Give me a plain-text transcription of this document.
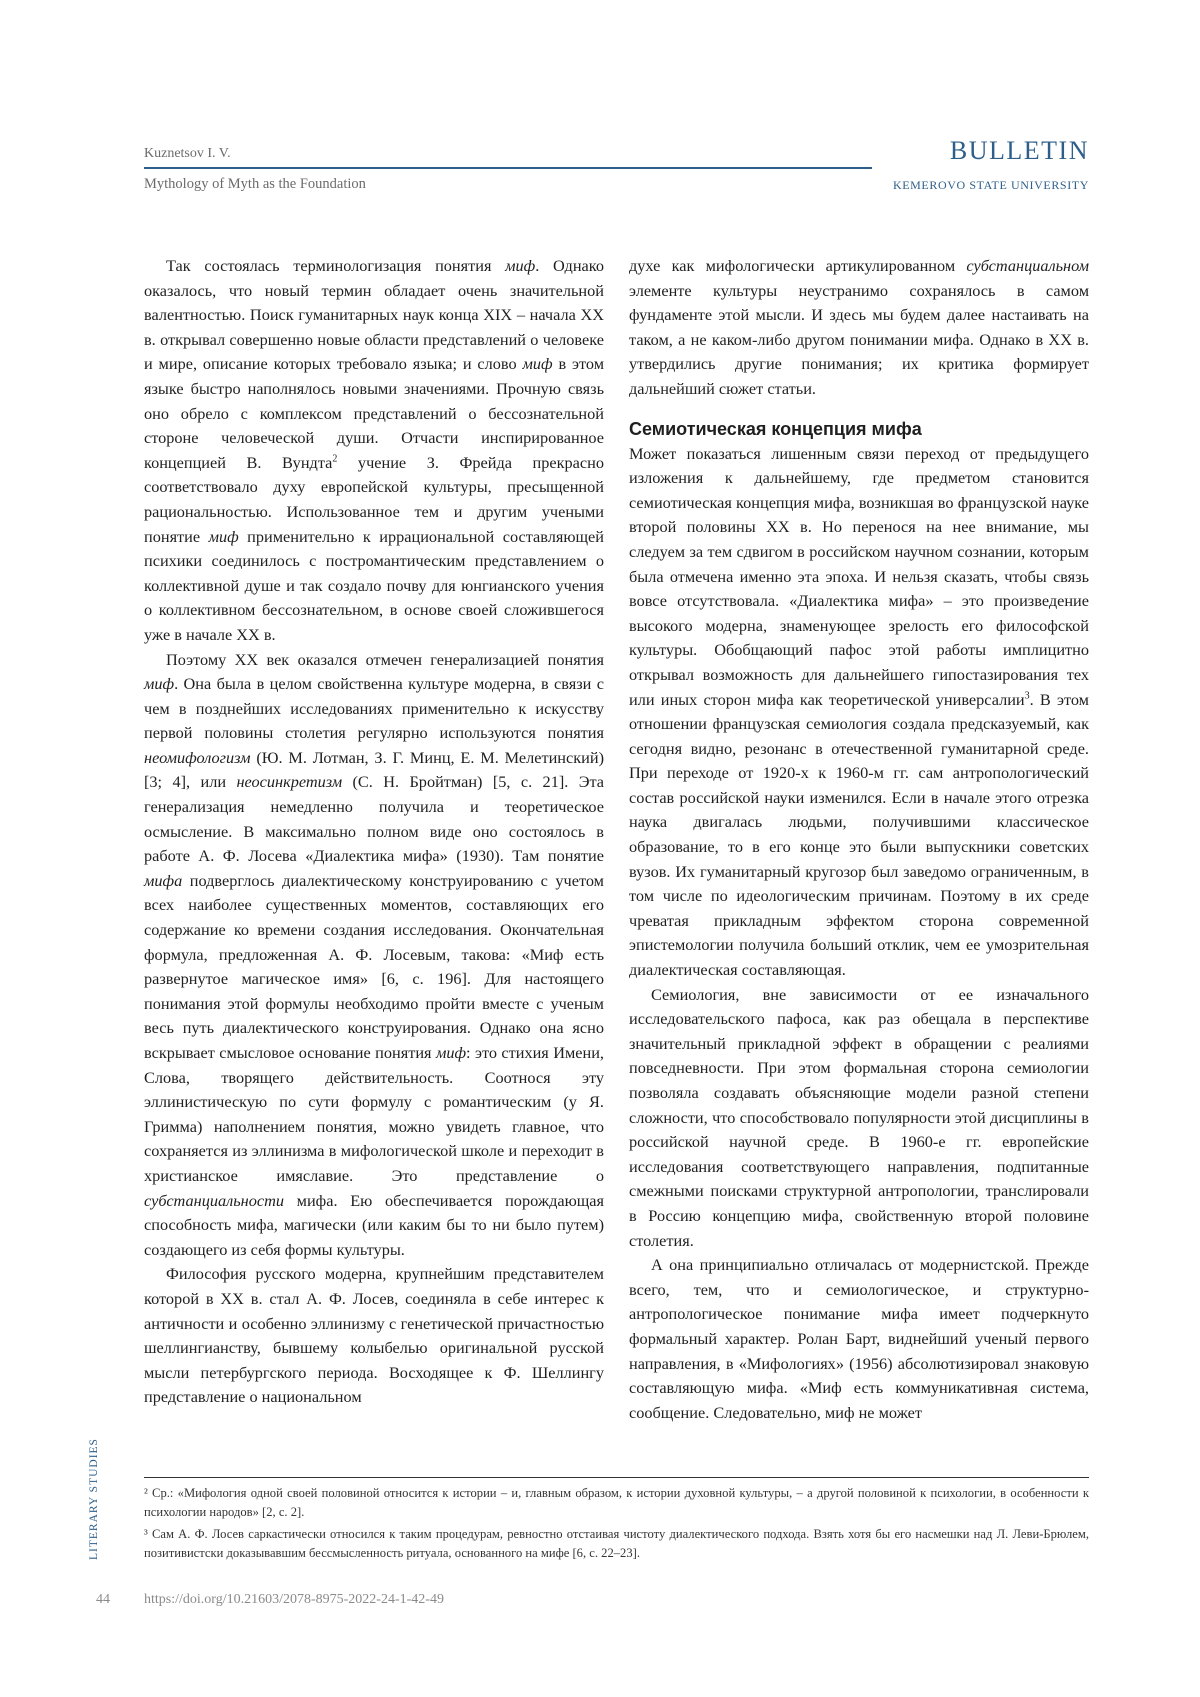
Kuznetsov I. V.
Mythology of Myth as the Foundation
BULLETIN
KEMEROVO STATE UNIVERSITY

Так состоялась терминологизация понятия миф. Однако оказалось, что новый термин обладает очень значительной валентностью. Поиск гуманитарных наук конца XIX – начала XX в. открывал совершенно новые области представлений о человеке и мире, описание которых требовало языка; и слово миф в этом языке быстро наполнялось новыми значениями. Прочную связь оно обрело с комплексом представлений о бессознательной стороне человеческой души. Отчасти инспирированное концепцией В. Вундта$^2$ учение З. Фрейда прекрасно соответствовало духу европейской культуры, пресыщенной рациональностью. Использованное тем и другим учеными понятие миф применительно к иррациональной составляющей психики соединилось с постромантическим представлением о коллективной душе и так создало почву для юнгианского учения о коллективном бессознательном, в основе своей сложившегося уже в начале XX в.

Поэтому XX век оказался отмечен генерализацией понятия миф. Она была в целом свойственна культуре модерна, в связи с чем в позднейших исследованиях применительно к искусству первой половины столетия регулярно используются понятия неомифологизм (Ю. М. Лотман, З. Г. Минц, Е. М. Мелетинский) [3; 4], или неосинкретизм (С. Н. Бройтман) [5, с. 21]. Эта генерализация немедленно получила и теоретическое осмысление. В максимально полном виде оно состоялось в работе А. Ф. Лосева «Диалектика мифа» (1930). Там понятие мифа подверглось диалектическому конструированию с учетом всех наиболее существенных моментов, составляющих его содержание ко времени создания исследования. Окончательная формула, предложенная А. Ф. Лосевым, такова: «Миф есть развернутое магическое имя» [6, с. 196]. Для настоящего понимания этой формулы необходимо пройти вместе с ученым весь путь диалектического конструирования. Однако она ясно вскрывает смысловое основание понятия миф: это стихия Имени, Слова, творящего действительность. Соотнося эту эллинистическую по сути формулу с романтическим (у Я. Гримма) наполнением понятия, можно увидеть главное, что сохраняется из эллинизма в мифологической школе и переходит в христианское имяславие. Это представление о субстанциальности мифа. Ею обеспечивается порождающая способность мифа, магически (или каким бы то ни было путем) создающего из себя формы культуры.

Философия русского модерна, крупнейшим представителем которой в XX в. стал А. Ф. Лосев, соединяла в себе интерес к античности и особенно эллинизму с генетической причастностью шеллингианству, бывшему колыбелью оригинальной русской мысли петербургского периода. Восходящее к Ф. Шеллингу представление о национальном

духе как мифологически артикулированном субстанциальном элементе культуры неустранимо сохранялось в самом фундаменте этой мысли. И здесь мы будем далее настаивать на таком, а не каком-либо другом понимании мифа. Однако в XX в. утвердились другие понимания; их критика формирует дальнейший сюжет статьи.

Семиотическая концепция мифа

Может показаться лишенным связи переход от предыдущего изложения к дальнейшему, где предметом становится семиотическая концепция мифа, возникшая во французской науке второй половины XX в. Но перенося на нее внимание, мы следуем за тем сдвигом в российском научном сознании, которым была отмечена именно эта эпоха. И нельзя сказать, чтобы связь вовсе отсутствовала. «Диалектика мифа» – это произведение высокого модерна, знаменующее зрелость его философской культуры. Обобщающий пафос этой работы имплицитно открывал возможность для дальнейшего гипостазирования тех или иных сторон мифа как теоретической универсалии$^3$. В этом отношении французская семиология создала предсказуемый, как сегодня видно, резонанс в отечественной гуманитарной среде. При переходе от 1920-х к 1960-м гг. сам антропологический состав российской науки изменился. Если в начале этого отрезка наука двигалась людьми, получившими классическое образование, то в его конце это были выпускники советских вузов. Их гуманитарный кругозор был заведомо ограниченным, в том числе по идеологическим причинам. Поэтому в их среде чреватая прикладным эффектом сторона современной эпистемологии получила больший отклик, чем ее умозрительная диалектическая составляющая.

Семиология, вне зависимости от ее изначального исследовательского пафоса, как раз обещала в перспективе значительный прикладной эффект в обращении с реалиями повседневности. При этом формальная сторона семиологии позволяла создавать объясняющие модели разной степени сложности, что способствовало популярности этой дисциплины в российской научной среде. В 1960-е гг. европейские исследования соответствующего направления, подпитанные смежными поисками структурной антропологии, транслировали в Россию концепцию мифа, свойственную второй половине столетия.

А она принципиально отличалась от модернистской. Прежде всего, тем, что и семиологическое, и структурно-антропологическое понимание мифа имеет подчеркнуто формальный характер. Ролан Барт, виднейший ученый первого направления, в «Мифологиях» (1956) абсолютизировал знаковую составляющую мифа. «Миф есть коммуникативная система, сообщение. Следовательно, миф не может

² Ср.: «Мифология одной своей половиной относится к истории – и, главным образом, к истории духовной культуры, – а другой половиной к психологии, в особенности к психологии народов» [2, с. 2].

³ Сам А. Ф. Лосев саркастически относился к таким процедурам, ревностно отстаивая чистоту диалектического подхода. Взять хотя бы его насмешки над Л. Леви-Брюлем, позитивистски доказывавшим бессмысленность ритуала, основанного на мифе [6, с. 22–23].

LITERARY STUDIES
44 https://doi.org/10.21603/2078-8975-2022-24-1-42-49
